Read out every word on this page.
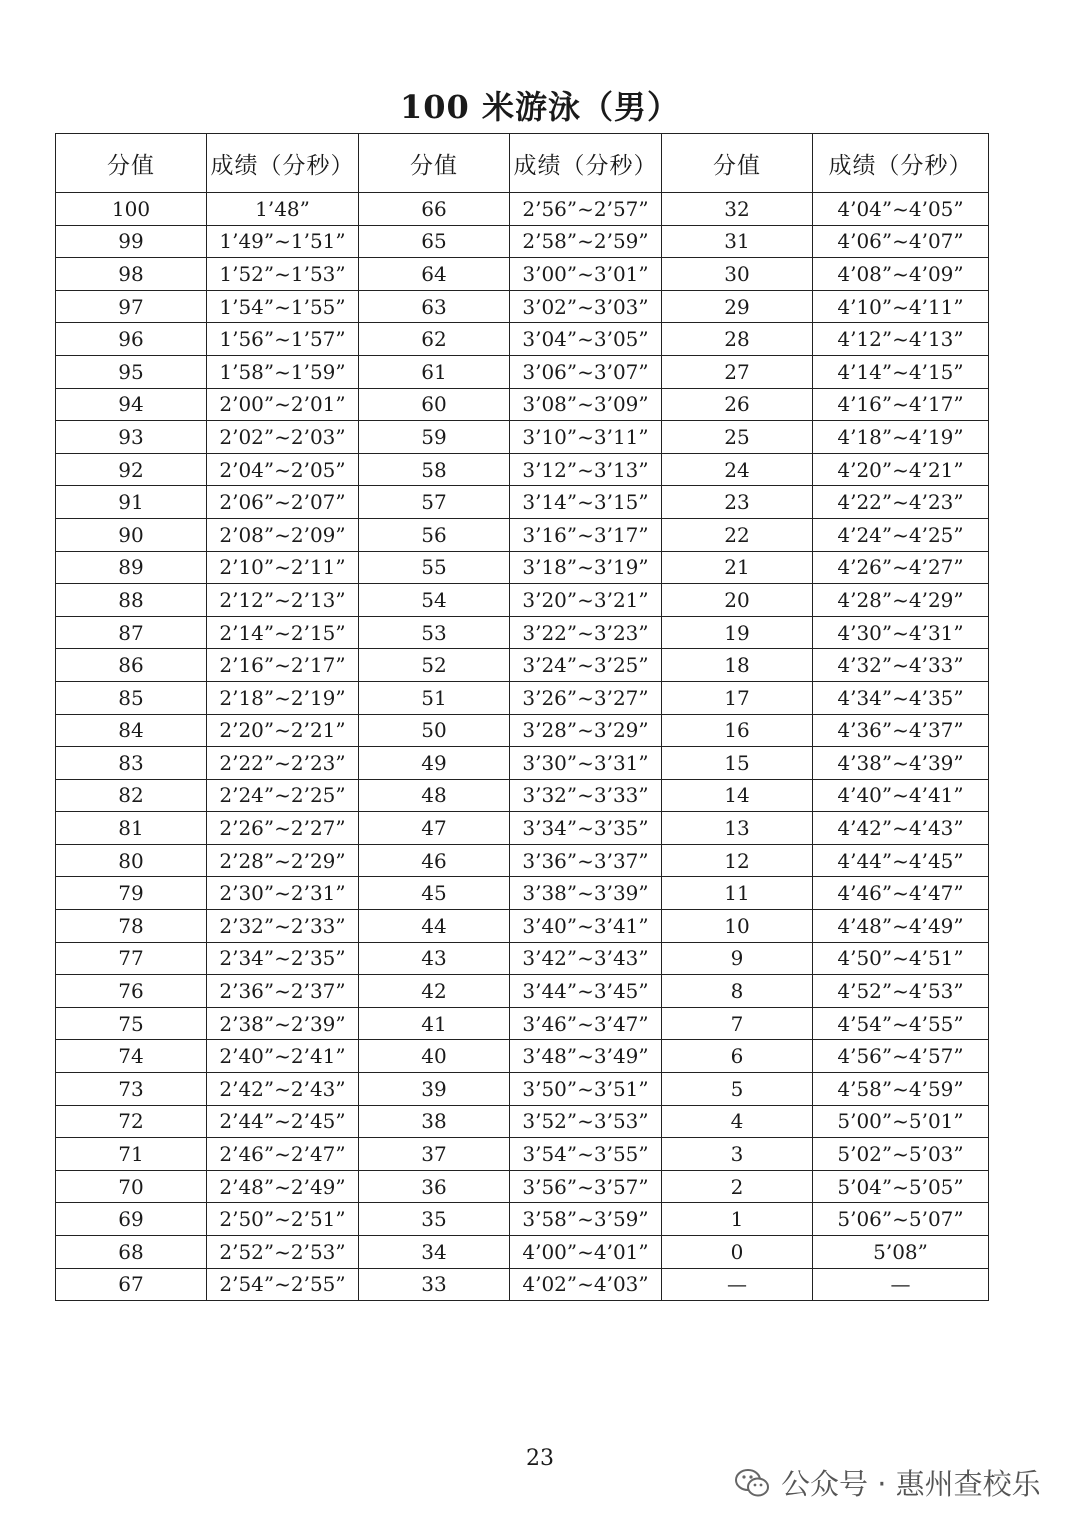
100 米游泳（男）
分值	成绩（分秒）	分值	成绩（分秒）	分值	成绩（分秒）
100	1’48”	66	2’56”~2’57”	32	4’04”~4’05”
99	1’49”~1’51”	65	2’58”~2’59”	31	4’06”~4’07”
98	1’52”~1’53”	64	3’00”~3’01”	30	4’08”~4’09”
97	1’54”~1’55”	63	3’02”~3’03”	29	4’10”~4’11”
96	1’56”~1’57”	62	3’04”~3’05”	28	4’12”~4’13”
95	1’58”~1’59”	61	3’06”~3’07”	27	4’14”~4’15”
94	2’00”~2’01”	60	3’08”~3’09”	26	4’16”~4’17”
93	2’02”~2’03”	59	3’10”~3’11”	25	4’18”~4’19”
92	2’04”~2’05”	58	3’12”~3’13”	24	4’20”~4’21”
91	2’06”~2’07”	57	3’14”~3’15”	23	4’22”~4’23”
90	2’08”~2’09”	56	3’16”~3’17”	22	4’24”~4’25”
89	2’10”~2’11”	55	3’18”~3’19”	21	4’26”~4’27”
88	2’12”~2’13”	54	3’20”~3’21”	20	4’28”~4’29”
87	2’14”~2’15”	53	3’22”~3’23”	19	4’30”~4’31”
86	2’16”~2’17”	52	3’24”~3’25”	18	4’32”~4’33”
85	2’18”~2’19”	51	3’26”~3’27”	17	4’34”~4’35”
84	2’20”~2’21”	50	3’28”~3’29”	16	4’36”~4’37”
83	2’22”~2’23”	49	3’30”~3’31”	15	4’38”~4’39”
82	2’24”~2’25”	48	3’32”~3’33”	14	4’40”~4’41”
81	2’26”~2’27”	47	3’34”~3’35”	13	4’42”~4’43”
80	2’28”~2’29”	46	3’36”~3’37”	12	4’44”~4’45”
79	2’30”~2’31”	45	3’38”~3’39”	11	4’46”~4’47”
78	2’32”~2’33”	44	3’40”~3’41”	10	4’48”~4’49”
77	2’34”~2’35”	43	3’42”~3’43”	9	4’50”~4’51”
76	2’36”~2’37”	42	3’44”~3’45”	8	4’52”~4’53”
75	2’38”~2’39”	41	3’46”~3’47”	7	4’54”~4’55”
74	2’40”~2’41”	40	3’48”~3’49”	6	4’56”~4’57”
73	2’42”~2’43”	39	3’50”~3’51”	5	4’58”~4’59”
72	2’44”~2’45”	38	3’52”~3’53”	4	5’00”~5’01”
71	2’46”~2’47”	37	3’54”~3’55”	3	5’02”~5’03”
70	2’48”~2’49”	36	3’56”~3’57”	2	5’04”~5’05”
69	2’50”~2’51”	35	3’58”~3’59”	1	5’06”~5’07”
68	2’52”~2’53”	34	4’00”~4’01”	0	5’08”
67	2’54”~2’55”	33	4’02”~4’03”	—	—
23
公众号 · 惠州查校乐
